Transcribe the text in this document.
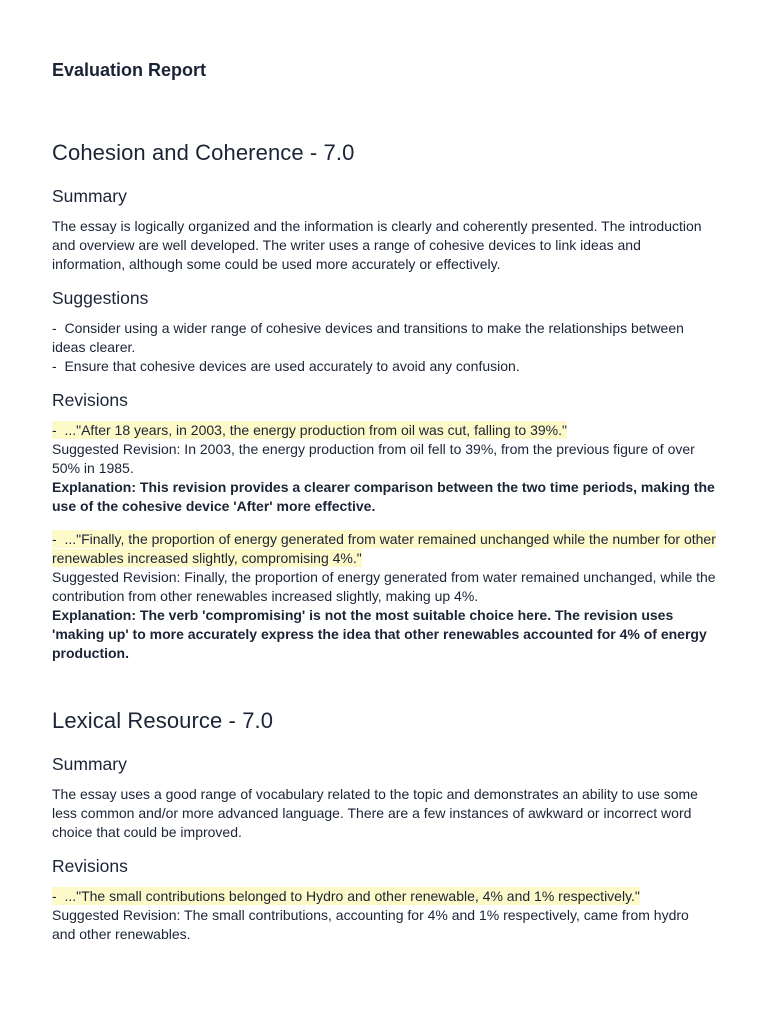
Evaluation Report
Cohesion and Coherence - 7.0
Summary

The essay is logically organized and the information is clearly and coherently presented. The introduction and overview are well developed. The writer uses a range of cohesive devices to link ideas and information, although some could be used more accurately or effectively.

Suggestions
- Consider using a wider range of cohesive devices and transitions to make the relationships between ideas clearer.
- Ensure that cohesive devices are used accurately to avoid any confusion.
Revisions
- ..."After 18 years, in 2003, the energy production from oil was cut, falling to 39%."
Suggested Revision: In 2003, the energy production from oil fell to 39%, from the previous figure of over 50% in 1985.
Explanation: This revision provides a clearer comparison between the two time periods, making the use of the cohesive device 'After' more effective.
- ..."Finally, the proportion of energy generated from water remained unchanged while the number for other renewables increased slightly, compromising 4%."
Suggested Revision: Finally, the proportion of energy generated from water remained unchanged, while the contribution from other renewables increased slightly, making up 4%.
Explanation: The verb 'compromising' is not the most suitable choice here. The revision uses 'making up' to more accurately express the idea that other renewables accounted for 4% of energy production.
Lexical Resource - 7.0
Summary

The essay uses a good range of vocabulary related to the topic and demonstrates an ability to use some less common and/or more advanced language. There are a few instances of awkward or incorrect word choice that could be improved.

Revisions
- ..."The small contributions belonged to Hydro and other renewable, 4% and 1% respectively."
Suggested Revision: The small contributions, accounting for 4% and 1% respectively, came from hydro and other renewables.
